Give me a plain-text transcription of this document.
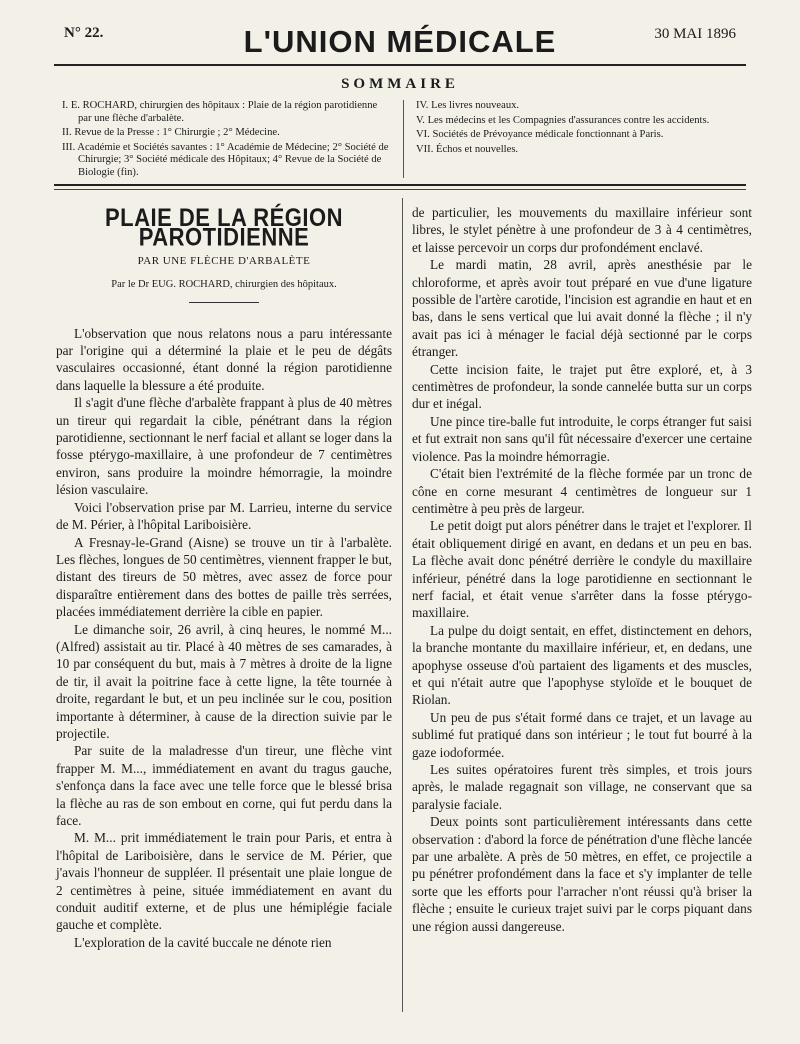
N° 22.	L'UNION MÉDICALE	30 MAI 1896
SOMMAIRE
I. E. ROCHARD, chirurgien des hôpitaux : Plaie de la région parotidienne par une flèche d'arbalète.
II. Revue de la Presse : 1° Chirurgie ; 2° Médecine.
III. Académie et Sociétés savantes : 1° Académie de Médecine; 2° Société de Chirurgie; 3° Société médicale des Hôpitaux; 4° Revue de la Société de Biologie (fin).
IV. Les livres nouveaux.
V. Les médecins et les Compagnies d'assurances contre les accidents.
VI. Sociétés de Prévoyance médicale fonctionnant à Paris.
VII. Échos et nouvelles.
PLAIE DE LA RÉGION PAROTIDIENNE
PAR UNE FLÈCHE D'ARBALÈTE
Par le Dr EUG. ROCHARD, chirurgien des hôpitaux.

L'observation que nous relatons nous a paru intéressante par l'origine qui a déterminé la plaie et le peu de dégâts vasculaires occasionné, étant donné la région parotidienne dans laquelle la blessure a été produite.

Il s'agit d'une flèche d'arbalète frappant à plus de 40 mètres un tireur qui regardait la cible, pénétrant dans la région parotidienne, sectionnant le nerf facial et allant se loger dans la fosse ptérygo-maxillaire, à une profondeur de 7 centimètres environ, sans produire la moindre hémorragie, la moindre lésion vasculaire.

Voici l'observation prise par M. Larrieu, interne du service de M. Périer, à l'hôpital Lariboisière.

A Fresnay-le-Grand (Aisne) se trouve un tir à l'arbalète. Les flèches, longues de 50 centimètres, viennent frapper le but, distant des tireurs de 50 mètres, avec assez de force pour disparaître entièrement dans des bottes de paille très serrées, placées immédiatement derrière la cible en papier.

Le dimanche soir, 26 avril, à cinq heures, le nommé M... (Alfred) assistait au tir. Placé à 40 mètres de ses camarades, à 10 par conséquent du but, mais à 7 mètres à droite de la ligne de tir, il avait la poitrine face à cette ligne, la tête tournée à droite, regardant le but, et un peu inclinée sur le cou, position importante à déterminer, à cause de la direction suivie par le projectile.

Par suite de la maladresse d'un tireur, une flèche vint frapper M. M..., immédiatement en avant du tragus gauche, s'enfonça dans la face avec une telle force que le blessé brisa la flèche au ras de son embout en corne, qui fut perdu dans la face.

M. M... prit immédiatement le train pour Paris, et entra à l'hôpital de Lariboisière, dans le service de M. Périer, que j'avais l'honneur de suppléer. Il présentait une plaie longue de 2 centimètres à peine, située immédiatement en avant du conduit auditif externe, et de plus une hémiplégie faciale gauche et complète.

L'exploration de la cavité buccale ne dénote rien

de particulier, les mouvements du maxillaire inférieur sont libres, le stylet pénètre à une profondeur de 3 à 4 centimètres, et laisse percevoir un corps dur profondément enclavé.

Le mardi matin, 28 avril, après anesthésie par le chloroforme, et après avoir tout préparé en vue d'une ligature possible de l'artère carotide, l'incision est agrandie en haut et en bas, dans le sens vertical que lui avait donné la flèche ; il n'y avait pas ici à ménager le facial déjà sectionné par le corps étranger.

Cette incision faite, le trajet put être exploré, et, à 3 centimètres de profondeur, la sonde cannelée butta sur un corps dur et inégal.

Une pince tire-balle fut introduite, le corps étranger fut saisi et fut extrait non sans qu'il fût nécessaire d'exercer une certaine violence. Pas la moindre hémorragie.

C'était bien l'extrémité de la flèche formée par un tronc de cône en corne mesurant 4 centimètres de longueur sur 1 centimètre à peu près de largeur.

Le petit doigt put alors pénétrer dans le trajet et l'explorer. Il était obliquement dirigé en avant, en dedans et un peu en bas. La flèche avait donc pénétré derrière le condyle du maxillaire inférieur, pénétré dans la loge parotidienne en sectionnant le nerf facial, et était venue s'arrêter dans la fosse ptérygo-maxillaire.

La pulpe du doigt sentait, en effet, distinctement en dehors, la branche montante du maxillaire inférieur, et, en dedans, une apophyse osseuse d'où partaient des ligaments et des muscles, et qui n'était autre que l'apophyse styloïde et le bouquet de Riolan.

Un peu de pus s'était formé dans ce trajet, et un lavage au sublimé fut pratiqué dans son intérieur ; le tout fut bourré à la gaze iodoformée.

Les suites opératoires furent très simples, et trois jours après, le malade regagnait son village, ne conservant que sa paralysie faciale.

Deux points sont particulièrement intéressants dans cette observation : d'abord la force de pénétration d'une flèche lancée par une arbalète. A près de 50 mètres, en effet, ce projectile a pu pénétrer profondément dans la face et s'y implanter de telle sorte que les efforts pour l'arracher n'ont réussi qu'à briser la flèche ; ensuite le curieux trajet suivi par le corps piquant dans une région aussi dangereuse.
